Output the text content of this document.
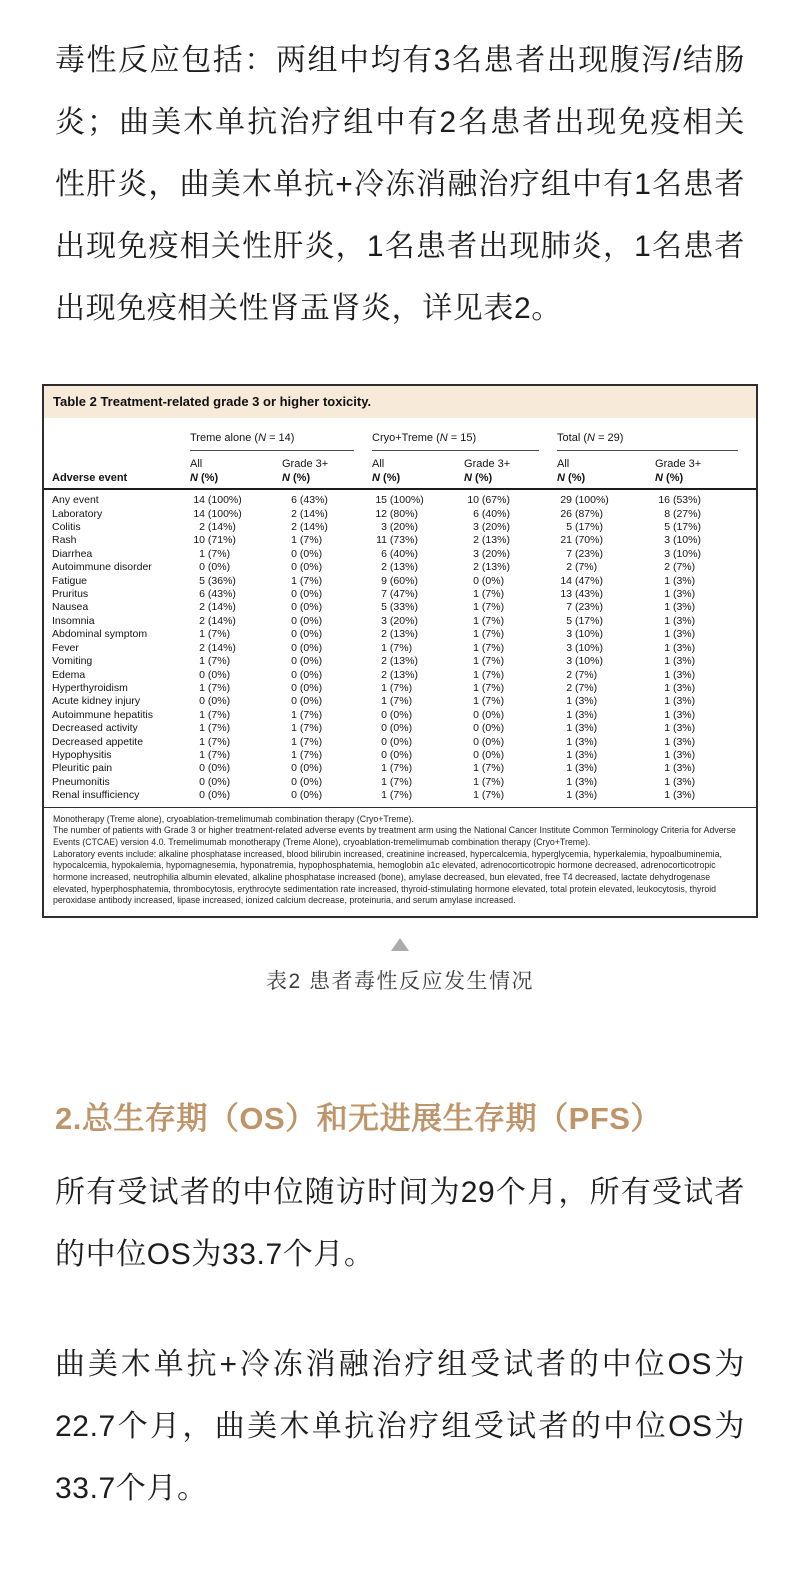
毒性反应包括：两组中均有3名患者出现腹泻/结肠炎；曲美木单抗治疗组中有2名患者出现免疫相关性肝炎，曲美木单抗+冷冻消融治疗组中有1名患者出现免疫相关性肝炎，1名患者出现肺炎，1名患者出现免疫相关性肾盂肾炎，详见表2。

Table 2 Treatment-related grade 3 or higher toxicity.

	Treme alone (N = 14)		Cryo+Treme (N = 15)		Total (N = 29)	

	All	Grade 3+	All	Grade 3+	All	Grade 3+
Adverse event	N (%)	N (%)	N (%)	N (%)	N (%)	N (%)
Any event	14 (100%)	6 (43%)	15 (100%)	10 (67%)	29 (100%)	16 (53%)
Laboratory	14 (100%)	2 (14%)	12 (80%)	6 (40%)	26 (87%)	8 (27%)
Colitis	2 (14%)	2 (14%)	3 (20%)	3 (20%)	5 (17%)	5 (17%)
Rash	10 (71%)	1 (7%)	11 (73%)	2 (13%)	21 (70%)	3 (10%)
Diarrhea	1 (7%)	0 (0%)	6 (40%)	3 (20%)	7 (23%)	3 (10%)
Autoimmune disorder	0 (0%)	0 (0%)	2 (13%)	2 (13%)	2 (7%)	2 (7%)
Fatigue	5 (36%)	1 (7%)	9 (60%)	0 (0%)	14 (47%)	1 (3%)
Pruritus	6 (43%)	0 (0%)	7 (47%)	1 (7%)	13 (43%)	1 (3%)
Nausea	2 (14%)	0 (0%)	5 (33%)	1 (7%)	7 (23%)	1 (3%)
Insomnia	2 (14%)	0 (0%)	3 (20%)	1 (7%)	5 (17%)	1 (3%)
Abdominal symptom	1 (7%)	0 (0%)	2 (13%)	1 (7%)	3 (10%)	1 (3%)
Fever	2 (14%)	0 (0%)	1 (7%)	1 (7%)	3 (10%)	1 (3%)
Vomiting	1 (7%)	0 (0%)	2 (13%)	1 (7%)	3 (10%)	1 (3%)
Edema	0 (0%)	0 (0%)	2 (13%)	1 (7%)	2 (7%)	1 (3%)
Hyperthyroidism	1 (7%)	0 (0%)	1 (7%)	1 (7%)	2 (7%)	1 (3%)
Acute kidney injury	0 (0%)	0 (0%)	1 (7%)	1 (7%)	1 (3%)	1 (3%)
Autoimmune hepatitis	1 (7%)	1 (7%)	0 (0%)	0 (0%)	1 (3%)	1 (3%)
Decreased activity	1 (7%)	1 (7%)	0 (0%)	0 (0%)	1 (3%)	1 (3%)
Decreased appetite	1 (7%)	1 (7%)	0 (0%)	0 (0%)	1 (3%)	1 (3%)
Hypophysitis	1 (7%)	1 (7%)	0 (0%)	0 (0%)	1 (3%)	1 (3%)
Pleuritic pain	0 (0%)	0 (0%)	1 (7%)	1 (7%)	1 (3%)	1 (3%)
Pneumonitis	0 (0%)	0 (0%)	1 (7%)	1 (7%)	1 (3%)	1 (3%)
Renal insufficiency	0 (0%)	0 (0%)	1 (7%)	1 (7%)	1 (3%)	1 (3%)

Monotherapy (Treme alone), cryoablation-tremelimumab combination therapy (Cryo+Treme).

The number of patients with Grade 3 or higher treatment-related adverse events by treatment arm using the National Cancer Institute Common Terminology Criteria for Adverse Events (CTCAE) version 4.0. Tremelimumab monotherapy (Treme Alone), cryoablation-tremelimumab combination therapy (Cryo+Treme).

Laboratory events include: alkaline phosphatase increased, blood bilirubin increased, creatinine increased, hypercalcemia, hyperglycemia, hyperkalemia, hypoalbuminemia, hypocalcemia, hypokalemia, hypomagnesemia, hyponatremia, hypophosphatemia, hemoglobin a1c elevated, adrenocorticotropic hormone decreased, adrenocorticotropic hormone increased, neutrophilia albumin elevated, alkaline phosphatase increased (bone), amylase decreased, bun elevated, free T4 decreased, lactate dehydrogenase elevated, hyperphosphatemia, thrombocytosis, erythrocyte sedimentation rate increased, thyroid-stimulating hormone elevated, total protein elevated, leukocytosis, thyroid peroxidase antibody increased, lipase increased, ionized calcium decrease, proteinuria, and serum amylase increased.

表2 患者毒性反应发生情况
2.总生存期（OS）和无进展生存期（PFS）

所有受试者的中位随访时间为29个月，所有受试者的中位OS为33.7个月。

曲美木单抗+冷冻消融治疗组受试者的中位OS为22.7个月，曲美木单抗治疗组受试者的中位OS为33.7个月。
